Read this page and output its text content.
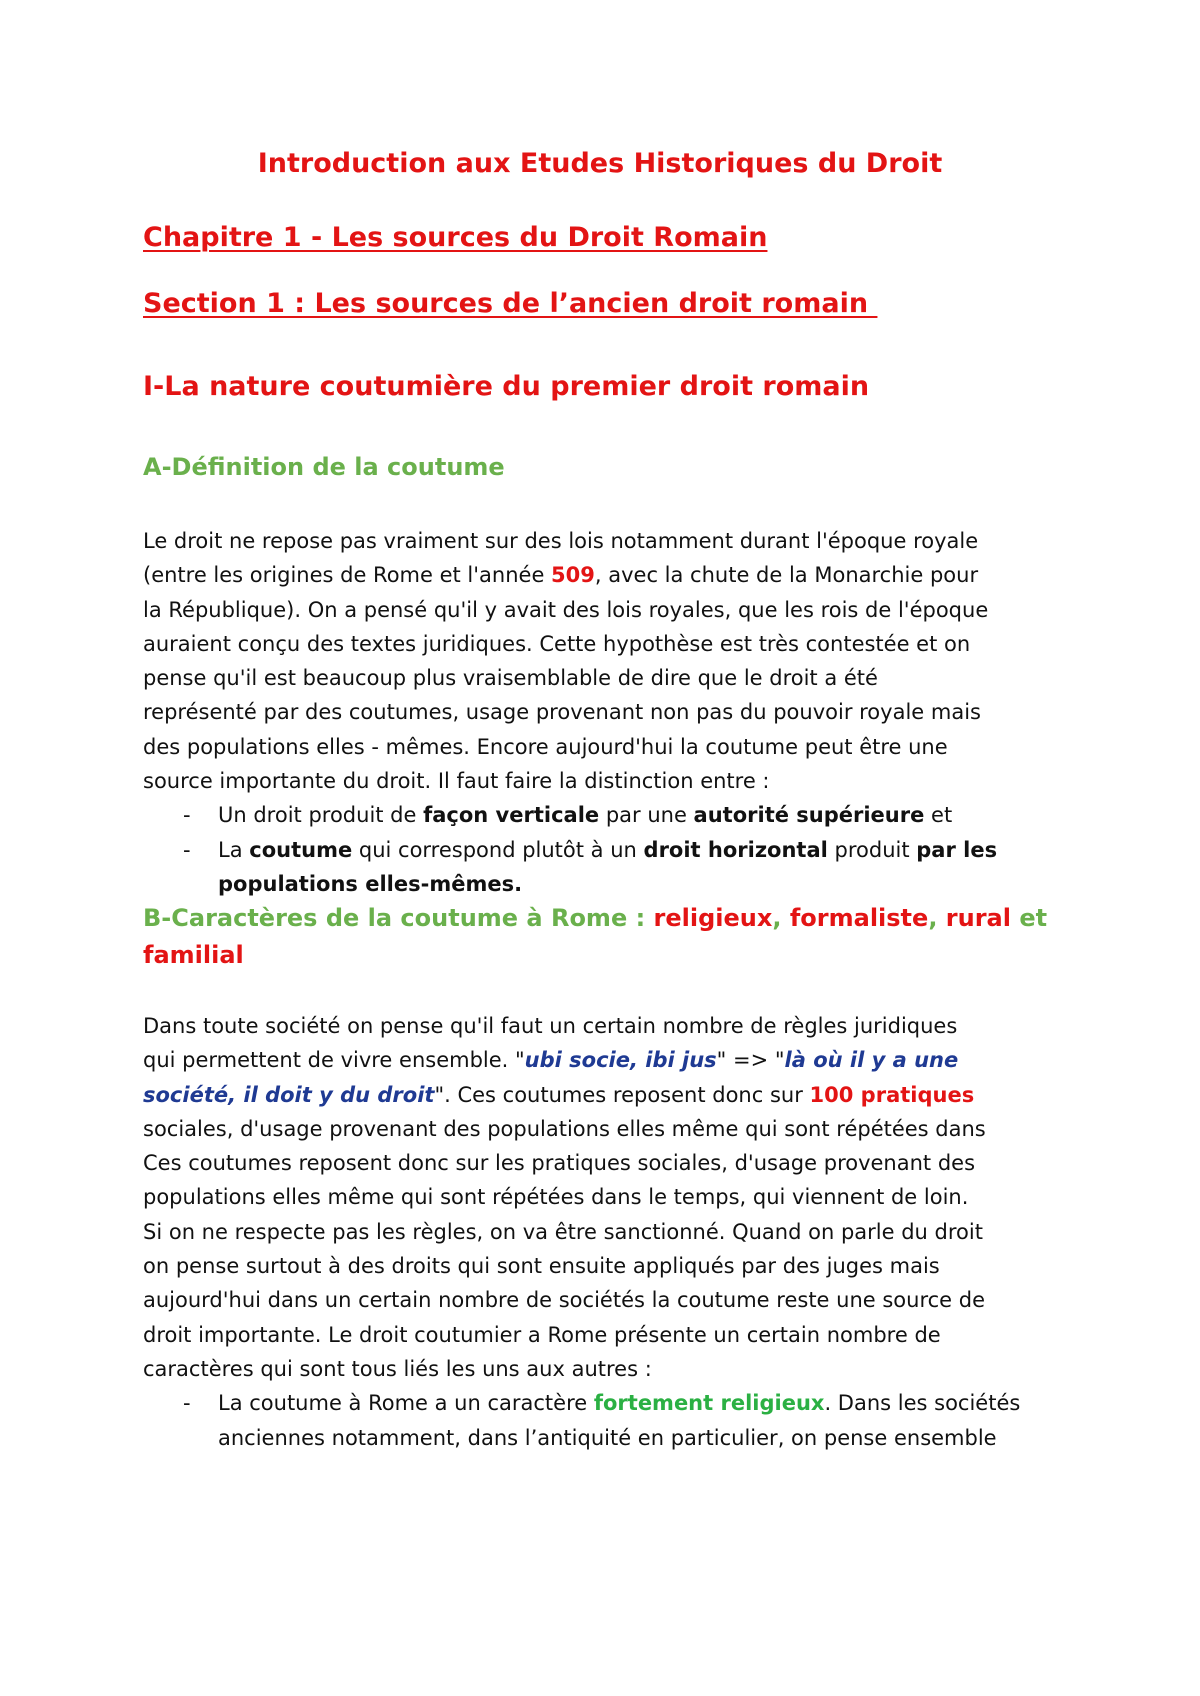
Introduction aux Etudes Historiques du Droit
Chapitre 1 - Les sources du Droit Romain
Section 1 : Les sources de l’ancien droit romain
I-La nature coutumière du premier droit romain
A-Définition de la coutume

Le droit ne repose pas vraiment sur des lois notamment durant l'époque royale

(entre les origines de Rome et l'année 509, avec la chute de la Monarchie pour

la République). On a pensé qu'il y avait des lois royales, que les rois de l'époque

auraient conçu des textes juridiques. Cette hypothèse est très contestée et on

pense qu'il est beaucoup plus vraisemblable de dire que le droit a été

représenté par des coutumes, usage provenant non pas du pouvoir royale mais

des populations elles - mêmes. Encore aujourd'hui la coutume peut être une

source importante du droit. Il faut faire la distinction entre :

- Un droit produit de façon verticale par une autorité supérieure et
- La coutume qui correspond plutôt à un droit horizontal produit par les
populations elles-mêmes.
B-Caractères de la coutume à Rome : religieux, formaliste, rural et
familial

Dans toute société on pense qu'il faut un certain nombre de règles juridiques

qui permettent de vivre ensemble. "ubi socie, ibi jus" => "là où il y a une

société, il doit y du droit". Ces coutumes reposent donc sur 100 pratiques

sociales, d'usage provenant des populations elles même qui sont répétées dans

Ces coutumes reposent donc sur les pratiques sociales, d'usage provenant des

populations elles même qui sont répétées dans le temps, qui viennent de loin.

Si on ne respecte pas les règles, on va être sanctionné. Quand on parle du droit

on pense surtout à des droits qui sont ensuite appliqués par des juges mais

aujourd'hui dans un certain nombre de sociétés la coutume reste une source de

droit importante. Le droit coutumier a Rome présente un certain nombre de

caractères qui sont tous liés les uns aux autres :

- La coutume à Rome a un caractère fortement religieux. Dans les sociétés
anciennes notamment, dans l’antiquité en particulier, on pense ensemble
